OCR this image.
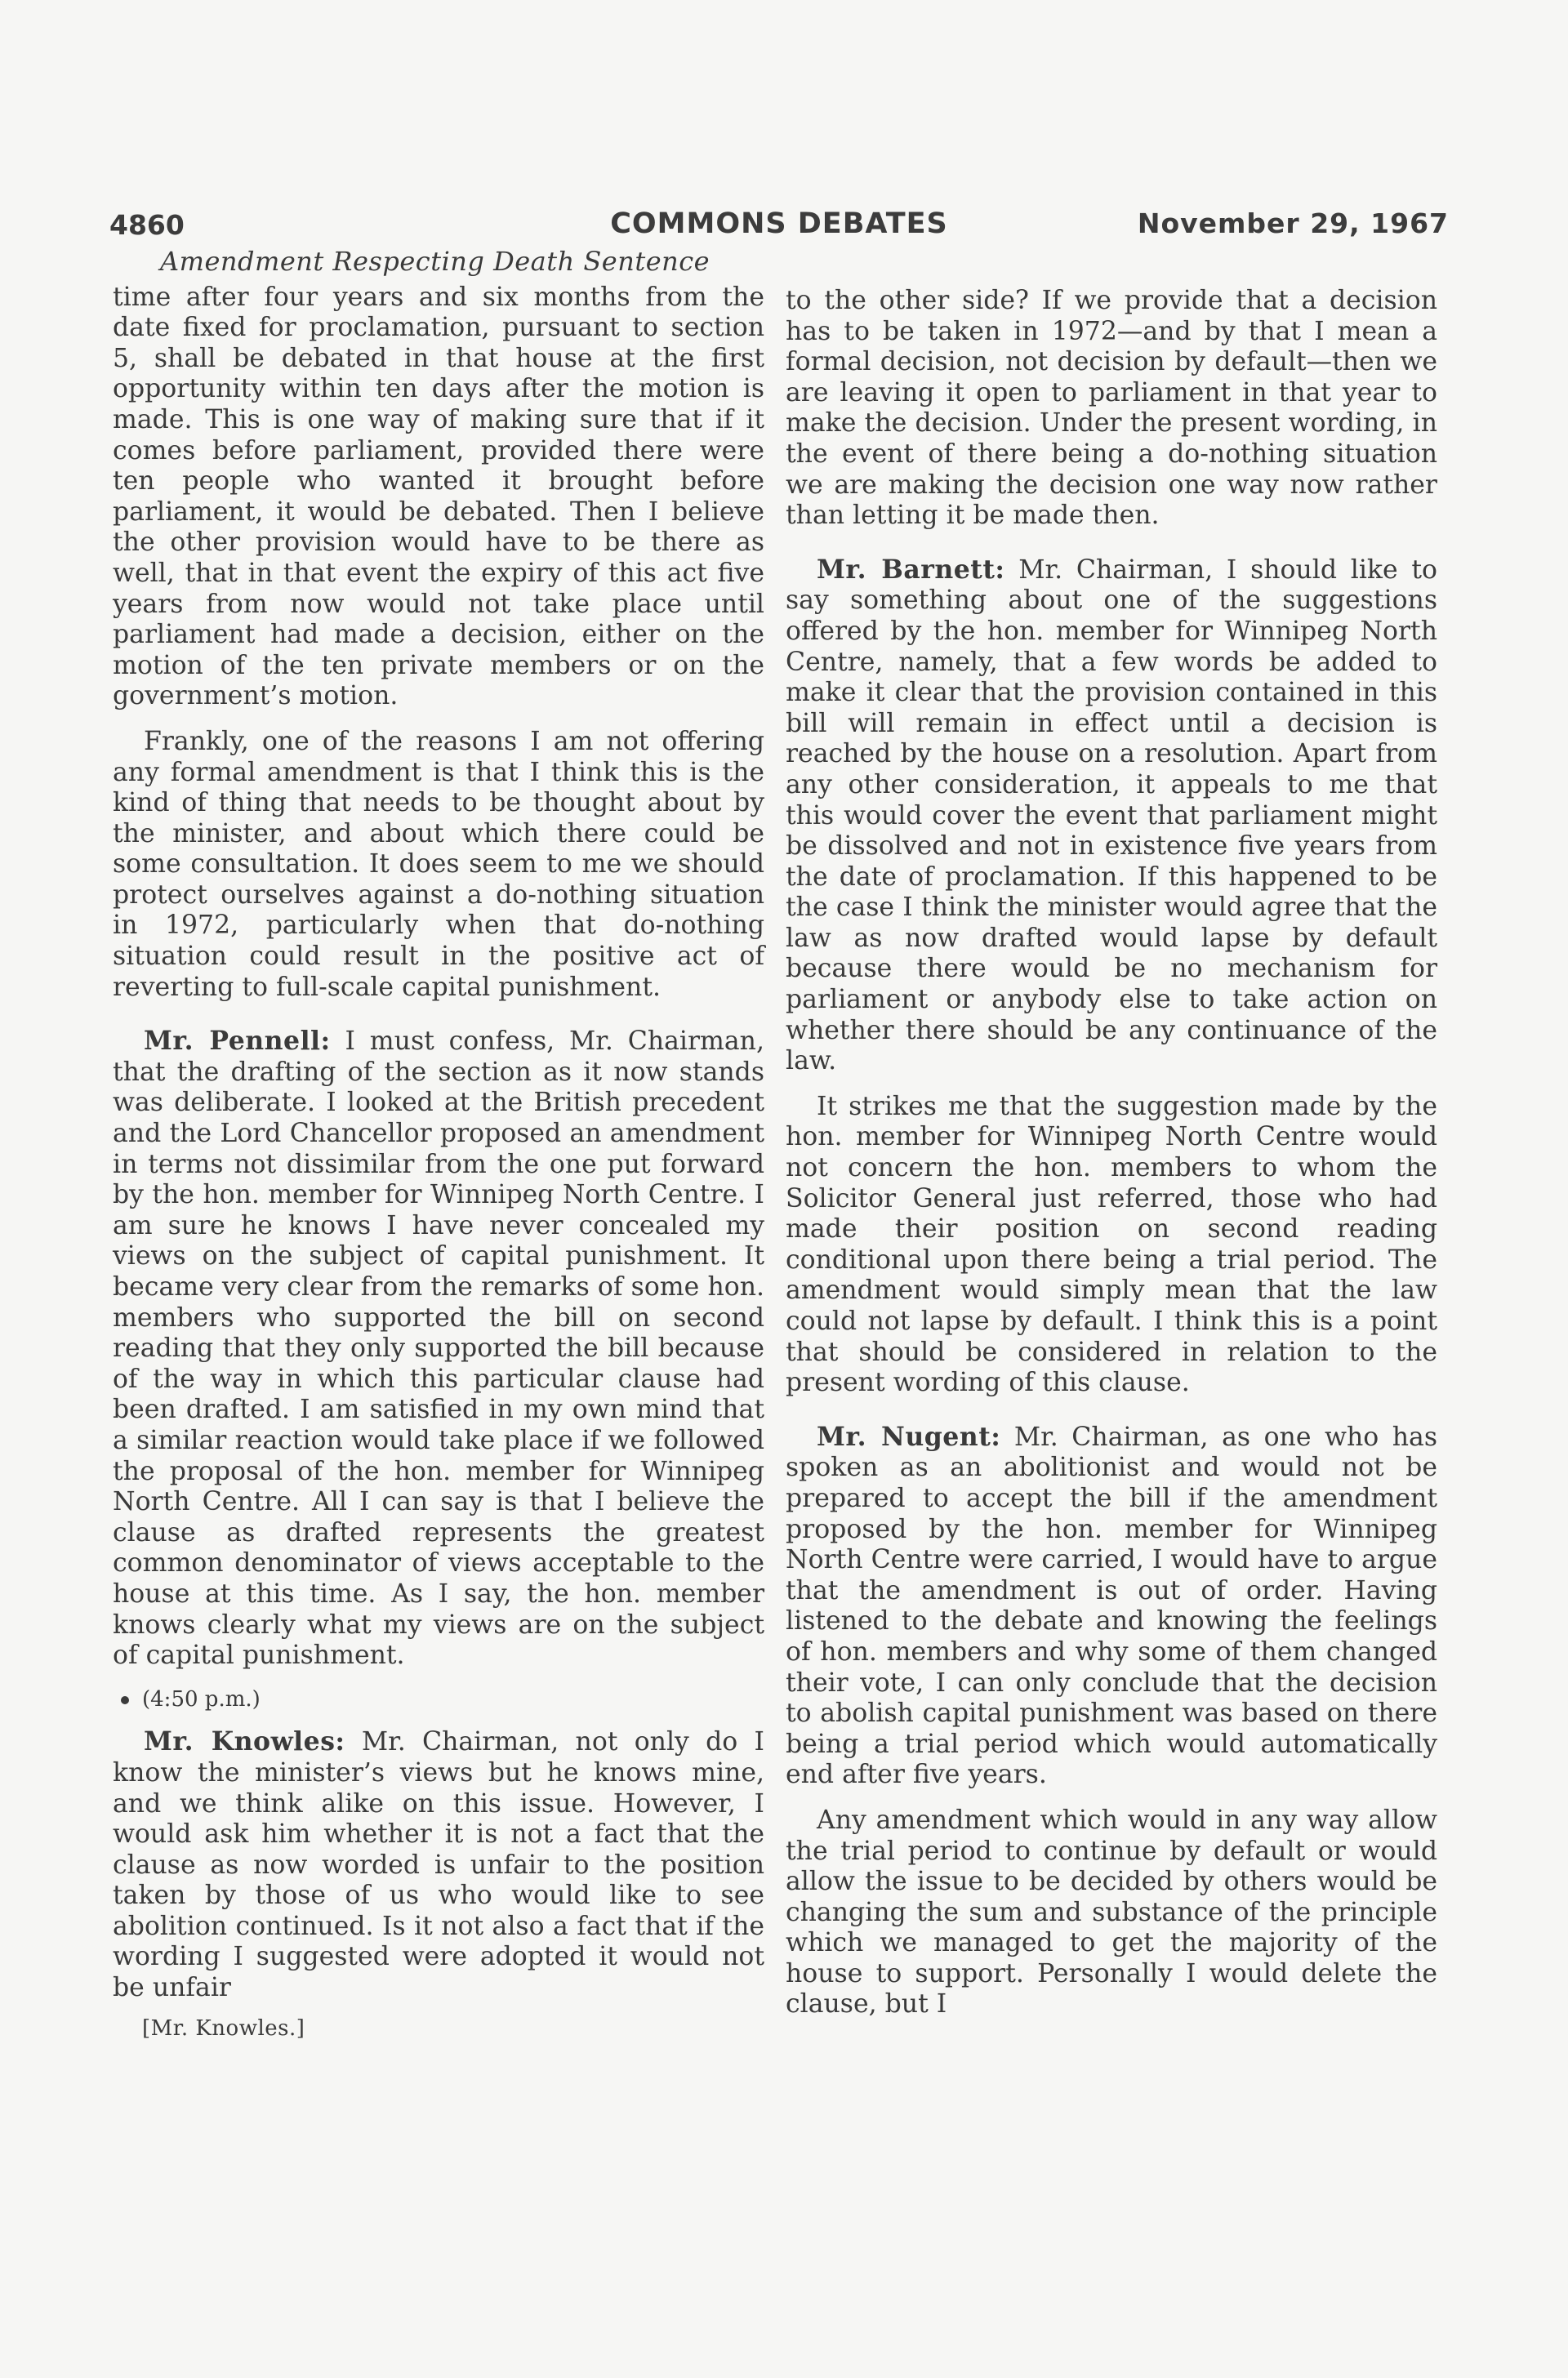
4860	COMMONS DEBATES	November 29, 1967
Amendment Respecting Death Sentence

time after four years and six months from the date fixed for proclamation, pursuant to section 5, shall be debated in that house at the first opportunity within ten days after the motion is made. This is one way of making sure that if it comes before parliament, provided there were ten people who wanted it brought before parliament, it would be debated. Then I believe the other provision would have to be there as well, that in that event the expiry of this act five years from now would not take place until parliament had made a decision, either on the motion of the ten private members or on the government’s motion.

Frankly, one of the reasons I am not offering any formal amendment is that I think this is the kind of thing that needs to be thought about by the minister, and about which there could be some consultation. It does seem to me we should protect ourselves against a do-nothing situation in 1972, particularly when that do-nothing situation could result in the positive act of reverting to full-scale capital punishment.

Mr. Pennell: I must confess, Mr. Chairman, that the drafting of the section as it now stands was deliberate. I looked at the British precedent and the Lord Chancellor proposed an amendment in terms not dissimilar from the one put forward by the hon. member for Winnipeg North Centre. I am sure he knows I have never concealed my views on the subject of capital punishment. It became very clear from the remarks of some hon. members who supported the bill on second reading that they only supported the bill because of the way in which this particular clause had been drafted. I am satisfied in my own mind that a similar reaction would take place if we followed the proposal of the hon. member for Winnipeg North Centre. All I can say is that I believe the clause as drafted represents the greatest common denominator of views acceptable to the house at this time. As I say, the hon. member knows clearly what my views are on the subject of capital punishment.

(4:50 p.m.)

Mr. Knowles: Mr. Chairman, not only do I know the minister’s views but he knows mine, and we think alike on this issue. However, I would ask him whether it is not a fact that the clause as now worded is unfair to the position taken by those of us who would like to see abolition continued. Is it not also a fact that if the wording I suggested were adopted it would not be unfair

[Mr. Knowles.]

to the other side? If we provide that a decision has to be taken in 1972—and by that I mean a formal decision, not decision by default—then we are leaving it open to parliament in that year to make the decision. Under the present wording, in the event of there being a do-nothing situation we are making the decision one way now rather than letting it be made then.

Mr. Barnett: Mr. Chairman, I should like to say something about one of the suggestions offered by the hon. member for Winnipeg North Centre, namely, that a few words be added to make it clear that the provision contained in this bill will remain in effect until a decision is reached by the house on a resolution. Apart from any other consideration, it appeals to me that this would cover the event that parliament might be dissolved and not in existence five years from the date of proclamation. If this happened to be the case I think the minister would agree that the law as now drafted would lapse by default because there would be no mechanism for parliament or anybody else to take action on whether there should be any continuance of the law.

It strikes me that the suggestion made by the hon. member for Winnipeg North Centre would not concern the hon. members to whom the Solicitor General just referred, those who had made their position on second reading conditional upon there being a trial period. The amendment would simply mean that the law could not lapse by default. I think this is a point that should be considered in relation to the present wording of this clause.

Mr. Nugent: Mr. Chairman, as one who has spoken as an abolitionist and would not be prepared to accept the bill if the amendment proposed by the hon. member for Winnipeg North Centre were carried, I would have to argue that the amendment is out of order. Having listened to the debate and knowing the feelings of hon. members and why some of them changed their vote, I can only conclude that the decision to abolish capital punishment was based on there being a trial period which would automatically end after five years.

Any amendment which would in any way allow the trial period to continue by default or would allow the issue to be decided by others would be changing the sum and substance of the principle which we managed to get the majority of the house to support. Personally I would delete the clause, but I
